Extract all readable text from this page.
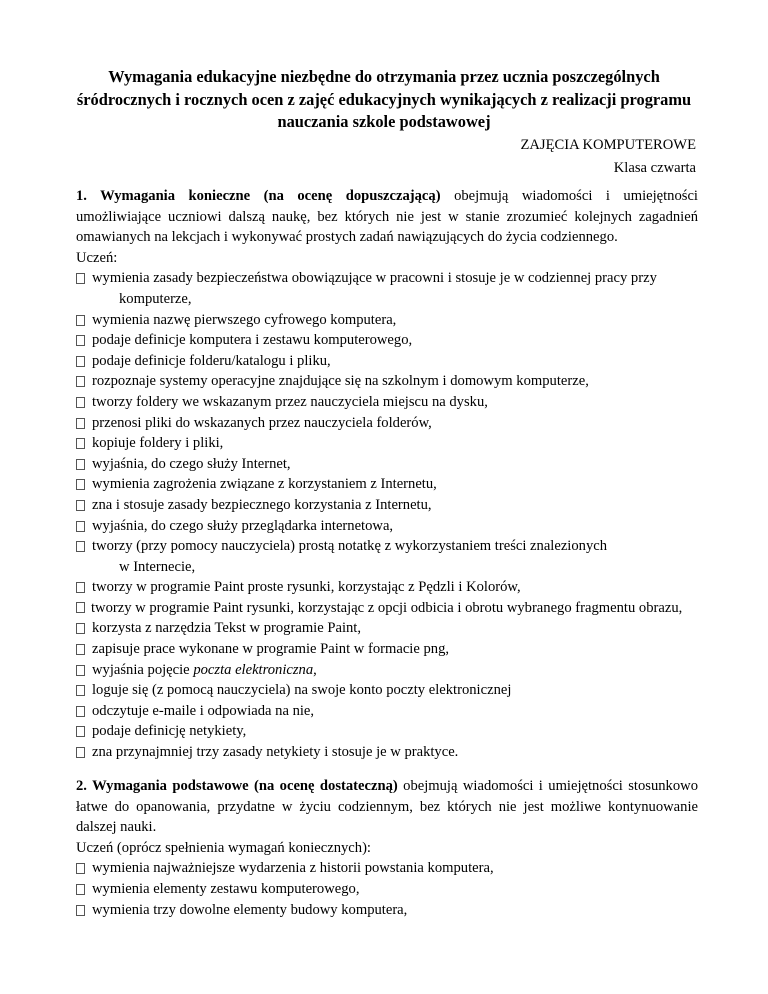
Wymagania edukacyjne niezbędne do otrzymania przez ucznia poszczególnych śródrocznych i rocznych ocen z zajęć edukacyjnych wynikających z realizacji programu nauczania szkole podstawowej
ZAJĘCIA KOMPUTEROWE
Klasa czwarta

1. Wymagania konieczne (na ocenę dopuszczającą) obejmują wiadomości i umiejętności umożliwiające uczniowi dalszą naukę, bez których nie jest w stanie zrozumieć kolejnych zagadnień omawianych na lekcjach i wykonywać prostych zadań nawiązujących do życia codziennego.

Uczeń:

wymienia zasady bezpieczeństwa obowiązujące w pracowni i stosuje je w codziennej pracy przy
komputerze,
wymienia nazwę pierwszego cyfrowego komputera,
podaje definicje komputera i zestawu komputerowego,
podaje definicje folderu/katalogu i pliku,
rozpoznaje systemy operacyjne znajdujące się na szkolnym i domowym komputerze,
tworzy foldery we wskazanym przez nauczyciela miejscu na dysku,
przenosi pliki do wskazanych przez nauczyciela folderów,
kopiuje foldery i pliki,
wyjaśnia, do czego służy Internet,
wymienia zagrożenia związane z korzystaniem z Internetu,
zna i stosuje zasady bezpiecznego korzystania z Internetu,
wyjaśnia, do czego służy przeglądarka internetowa,
tworzy (przy pomocy nauczyciela) prostą notatkę z wykorzystaniem treści znalezionych
w Internecie,
tworzy w programie Paint proste rysunki, korzystając z Pędzli i Kolorów,
tworzy w programie Paint rysunki, korzystając z opcji odbicia i obrotu wybranego fragmentu obrazu,
korzysta z narzędzia Tekst w programie Paint,
zapisuje prace wykonane w programie Paint w formacie png,
wyjaśnia pojęcie poczta elektroniczna,
loguje się (z pomocą nauczyciela) na swoje konto poczty elektronicznej
odczytuje e-maile i odpowiada na nie,
podaje definicję netykiety,
zna przynajmniej trzy zasady netykiety i stosuje je w praktyce.

2. Wymagania podstawowe (na ocenę dostateczną) obejmują wiadomości i umiejętności stosunkowo łatwe do opanowania, przydatne w życiu codziennym, bez których nie jest możliwe kontynuowanie dalszej nauki.

Uczeń (oprócz spełnienia wymagań koniecznych):

wymienia najważniejsze wydarzenia z historii powstania komputera,
wymienia elementy zestawu komputerowego,
wymienia trzy dowolne elementy budowy komputera,
